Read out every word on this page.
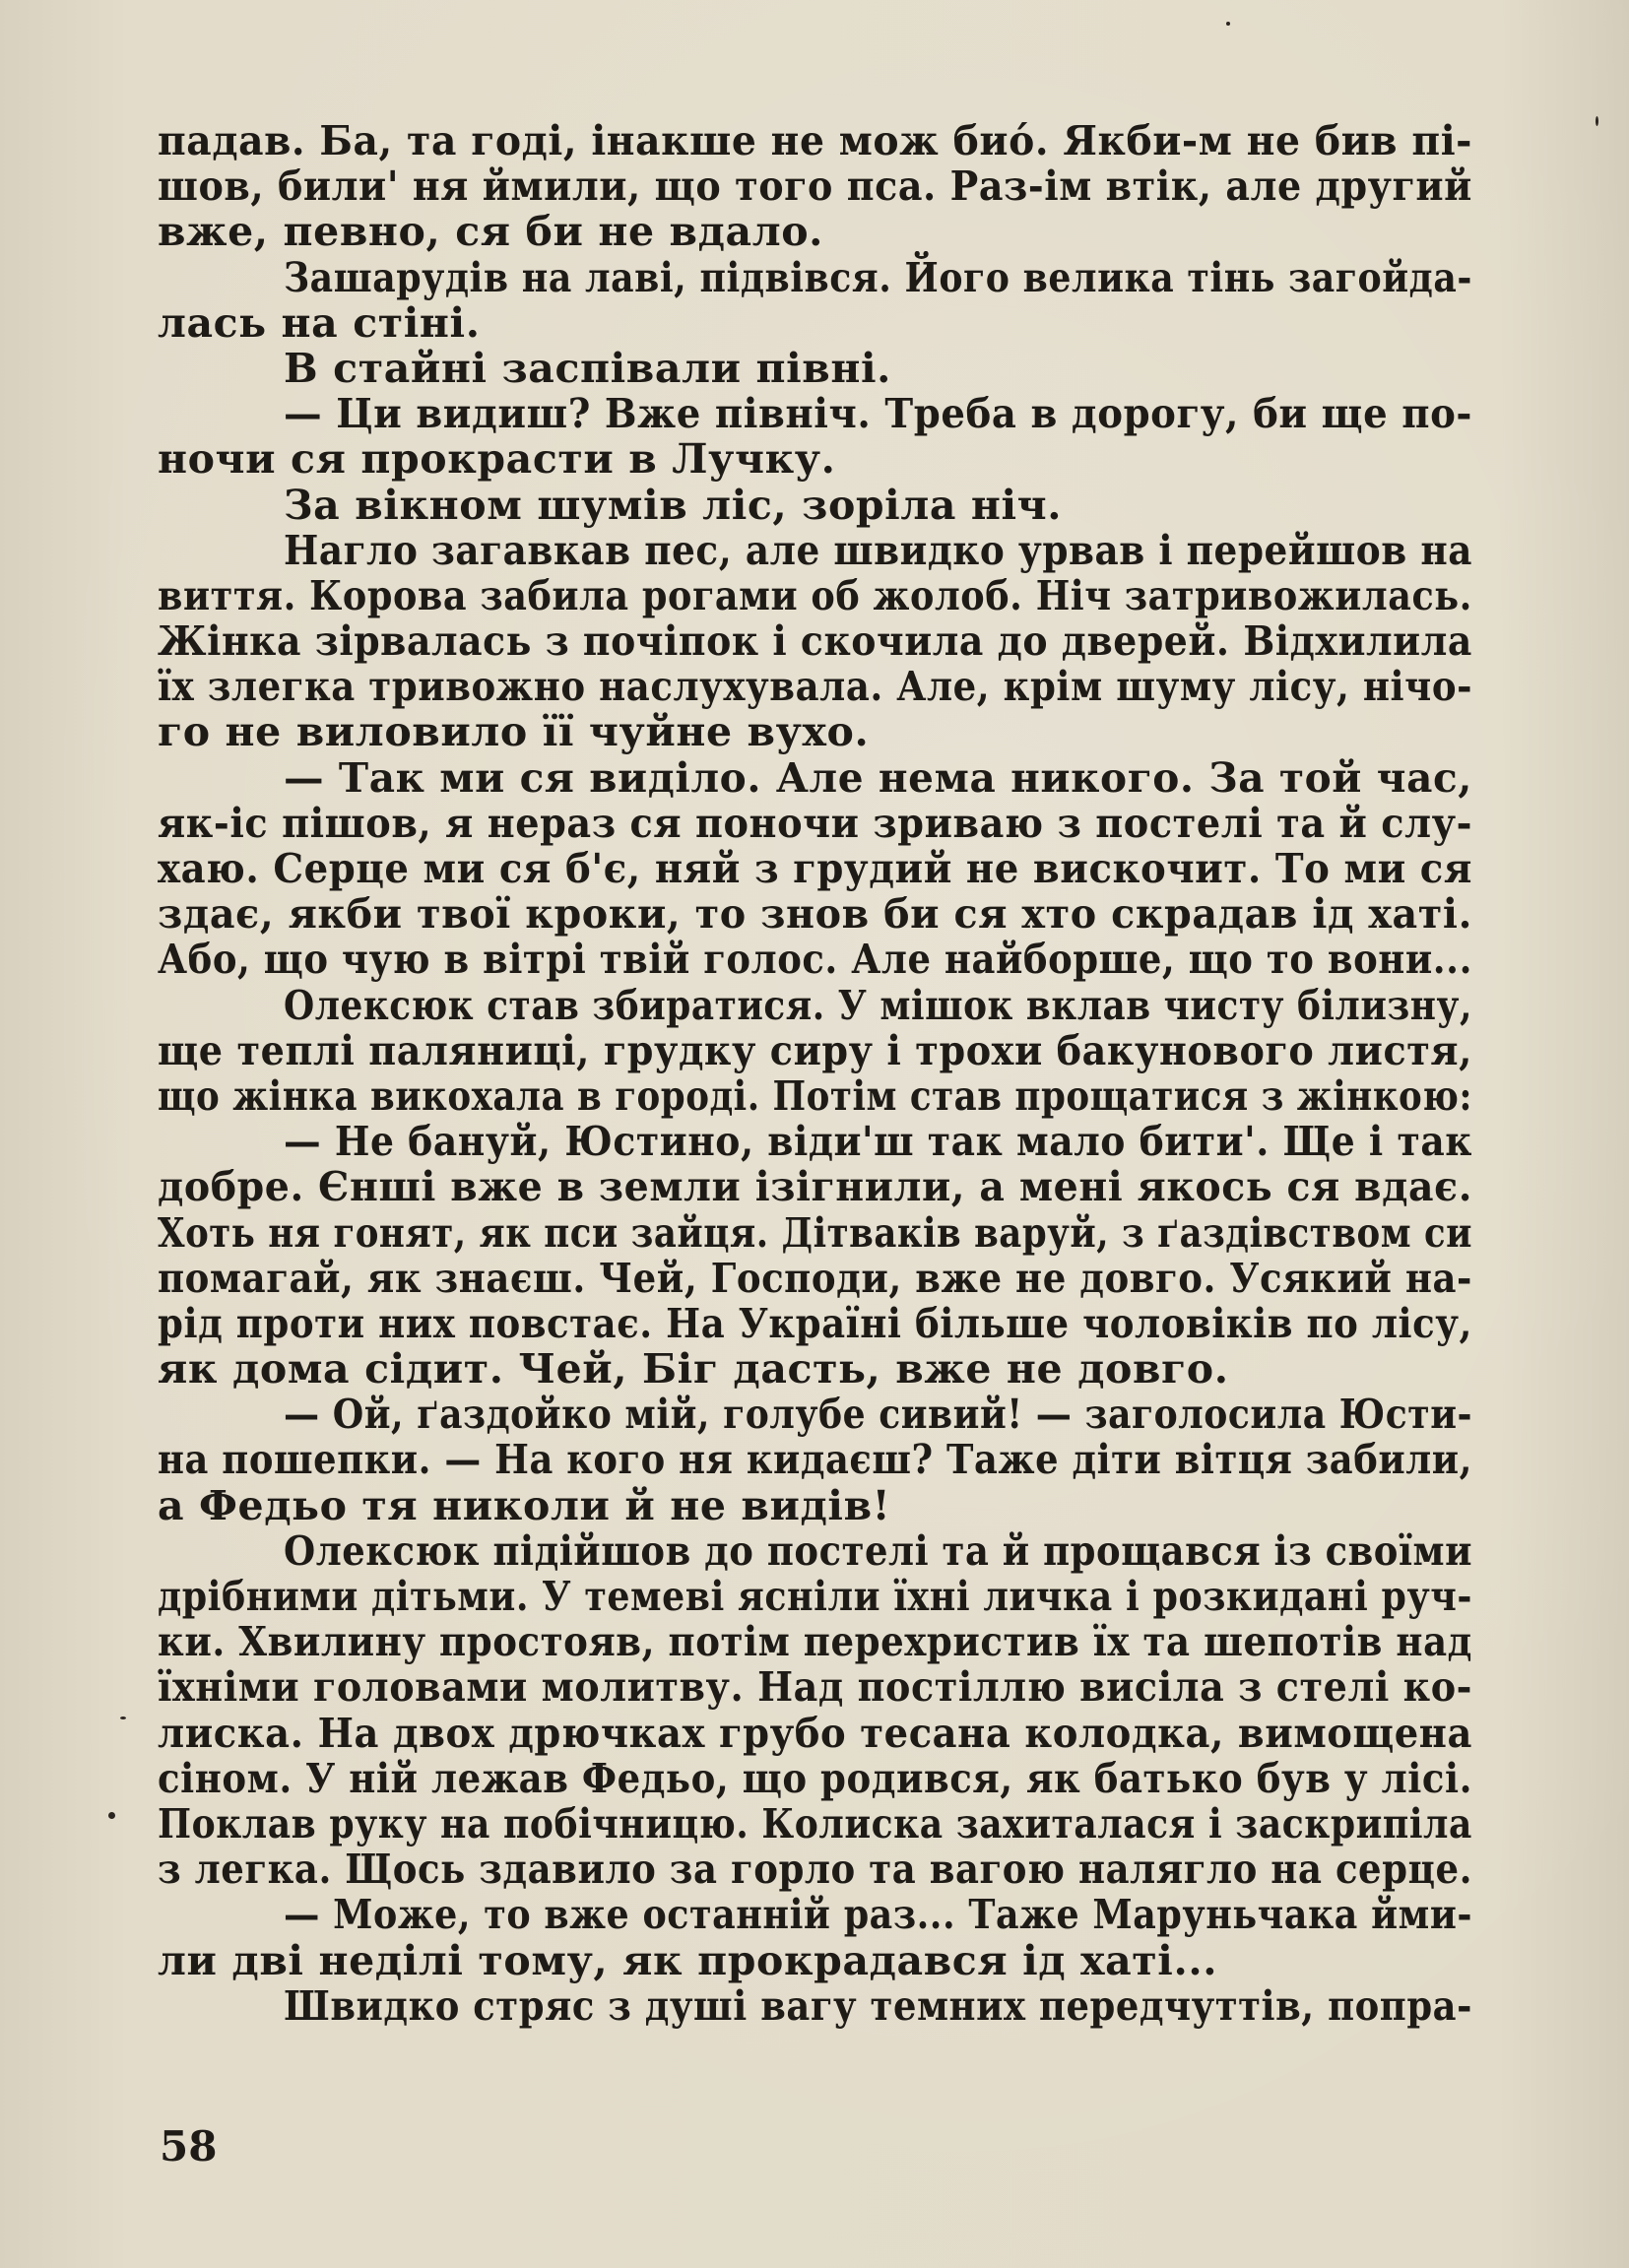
падав. Ба, та годі, інакше не мож биό. Якби-м не бив пі-
шов, били' ня ймили, що того пса. Раз-ім втік, але другий
вже, певно, ся би не вдало.
Зашарудів на лаві, підвівся. Його велика тінь загойда-
лась на стіні.
В стайні заспівали півні.
— Ци видиш? Вже північ. Треба в дорогу, би ще по-
ночи ся прокрасти в Лучку.
За вікном шумів ліс, зоріла ніч.
Нагло загавкав пес, але швидко урвав і перейшов на
виття. Корова забила рогами об жолоб. Ніч затривожилась.
Жінка зірвалась з почіпок і скочила до дверей. Відхилила
їх злегка тривожно наслухувала. Але, крім шуму лісу, нічо-
го не виловило її чуйне вухо.
— Так ми ся виділо. Але нема никого. За той час,
як-іс пішов, я нераз ся поночи зриваю з постелі та й слу-
хаю. Серце ми ся б'є, няй з грудий не вискочит. То ми ся
здає, якби твої кроки, то знов би ся хто скрадав ід хаті.
Або, що чую в вітрі твій голос. Але найборше, що то вони...
Олексюк став збиратися. У мішок вклав чисту білизну,
ще теплі паляниці, грудку сиру і трохи бакунового листя,
що жінка викохала в городі. Потім став прощатися з жінкою:
— Не бануй, Юстино, віди'ш так мало бити'. Ще і так
добре. Єнші вже в земли ізігнили, а мені якось ся вдає.
Хоть ня гонят, як пси зайця. Дітваків варуй, з ґаздівством си
помагай, як знаєш. Чей, Господи, вже не довго. Усякий на-
рід проти них повстає. На Україні більше чоловіків по лісу,
як дома сідит. Чей, Біг дасть, вже не довго.
— Ой, ґаздойко мій, голубе сивий! — заголосила Юсти-
на пошепки. — На кого ня кидаєш? Таже діти вітця забили,
а Федьо тя николи й не видів!
Олексюк підійшов до постелі та й прощався із своїми
дрібними дітьми. У темеві ясніли їхні личка і розкидані руч-
ки. Хвилину простояв, потім перехристив їх та шепотів над
їхніми головами молитву. Над постіллю висіла з стелі ко-
лиска. На двох дрючках грубо тесана колодка, вимощена
сіном. У ній лежав Федьо, що родився, як батько був у лісі.
Поклав руку на побічницю. Колиска захиталася і заскрипіла
з легка. Щось здавило за горло та вагою налягло на серце.
— Може, то вже останній раз... Таже Маруньчака йми-
ли дві неділі тому, як прокрадався ід хаті...
Швидко стряс з душі вагу темних передчуттів, попра-
58
